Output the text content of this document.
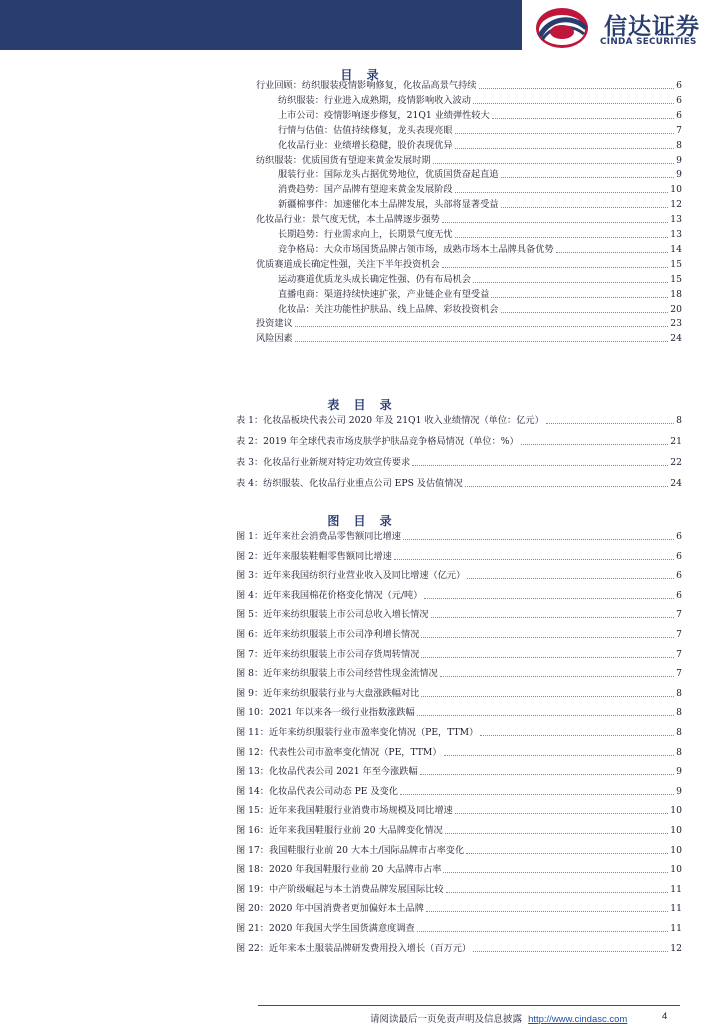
信达证券
CINDA SECURITIES
目 录
表 目 录
图 目 录
行业回顾：纺织服装疫情影响修复，化妆品高景气持续	6
纺织服装：行业进入成熟期，疫情影响收入波动	6
上市公司：疫情影响逐步修复，21Q1 业绩弹性较大	6
行情与估值：估值持续修复，龙头表现亮眼	7
化妆品行业：业绩增长稳健，股价表现优异	8
纺织服装：优质国货有望迎来黄金发展时期	9
服装行业：国际龙头占据优势地位，优质国货奋起直追	9
消费趋势：国产品牌有望迎来黄金发展阶段	10
新疆棉事件：加速催化本土品牌发展，头部将显著受益	12
化妆品行业：景气度无忧，本土品牌逐步强势	13
长期趋势：行业需求向上，长期景气度无忧	13
竞争格局：大众市场国货品牌占领市场，成熟市场本土品牌具备优势	14
优质赛道成长确定性强，关注下半年投资机会	15
运动赛道优质龙头成长确定性强、仍有布局机会	15
直播电商：渠道持续快速扩张，产业链企业有望受益	18
化妆品：关注功能性护肤品、线上品牌、彩妆投资机会	20
投资建议	23
风险因素	24
表 1：化妆品板块代表公司 2020 年及 21Q1 收入业绩情况（单位：亿元）	8
表 2：2019 年全球代表市场皮肤学护肤品竞争格局情况（单位：%）	21
表 3：化妆品行业新规对特定功效宣传要求	22
表 4：纺织服装、化妆品行业重点公司 EPS 及估值情况	24
图 1：近年来社会消费品零售额同比增速	6
图 2：近年来服装鞋帽零售额同比增速	6
图 3：近年来我国纺织行业营业收入及同比增速（亿元）	6
图 4：近年来我国棉花价格变化情况（元/吨）	6
图 5：近年来纺织服装上市公司总收入增长情况	7
图 6：近年来纺织服装上市公司净利增长情况	7
图 7：近年来纺织服装上市公司存货周转情况	7
图 8：近年来纺织服装上市公司经营性现金流情况	7
图 9：近年来纺织服装行业与大盘涨跌幅对比	8
图 10：2021 年以来各一级行业指数涨跌幅	8
图 11：近年来纺织服装行业市盈率变化情况（PE，TTM）	8
图 12：代表性公司市盈率变化情况（PE，TTM）	8
图 13：化妆品代表公司 2021 年至今涨跌幅	9
图 14：化妆品代表公司动态 PE 及变化	9
图 15：近年来我国鞋服行业消费市场规模及同比增速	10
图 16：近年来我国鞋服行业前 20 大品牌变化情况	10
图 17：我国鞋服行业前 20 大本土/国际品牌市占率变化	10
图 18：2020 年我国鞋服行业前 20 大品牌市占率	10
图 19：中产阶级崛起与本土消费品牌发展国际比较	11
图 20：2020 年中国消费者更加偏好本土品牌	11
图 21：2020 年我国大学生国货满意度调查	11
图 22：近年来本土服装品牌研发费用投入增长（百万元）	12
请阅读最后一页免责声明及信息披露 http://www.cindasc.com	4
